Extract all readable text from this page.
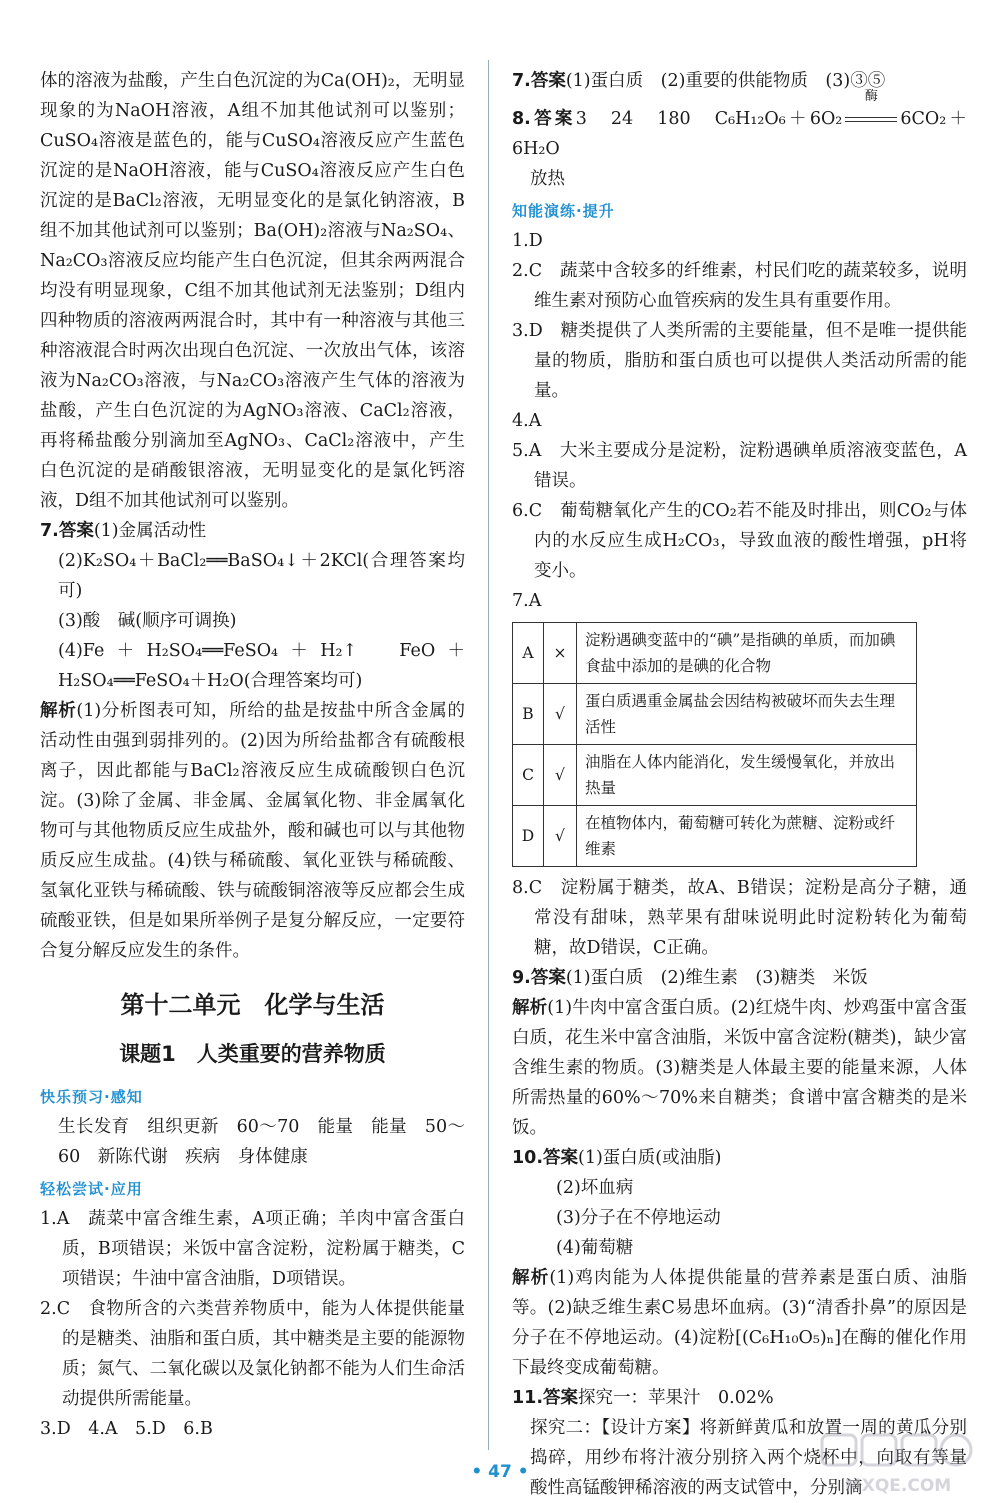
体的溶液为盐酸，产生白色沉淀的为Ca(OH)₂，无明显现象的为NaOH溶液，A组不加其他试剂可以鉴别；CuSO₄溶液是蓝色的，能与CuSO₄溶液反应产生蓝色沉淀的是NaOH溶液，能与CuSO₄溶液反应产生白色沉淀的是BaCl₂溶液，无明显变化的是氯化钠溶液，B组不加其他试剂可以鉴别；Ba(OH)₂溶液与Na₂SO₄、Na₂CO₃溶液反应均能产生白色沉淀，但其余两两混合均没有明显现象，C组不加其他试剂无法鉴别；D组内四种物质的溶液两两混合时，其中有一种溶液与其他三种溶液混合时两次出现白色沉淀、一次放出气体，该溶液为Na₂CO₃溶液，与Na₂CO₃溶液产生气体的溶液为盐酸，产生白色沉淀的为AgNO₃溶液、CaCl₂溶液，再将稀盐酸分别滴加至AgNO₃、CaCl₂溶液中，产生白色沉淀的是硝酸银溶液，无明显变化的是氯化钙溶液，D组不加其他试剂可以鉴别。

7.答案(1)金属活动性

(2)K₂SO₄＋BaCl₂══BaSO₄↓＋2KCl(合理答案均可)

(3)酸　碱(顺序可调换)

(4)Fe＋H₂SO₄══FeSO₄＋H₂↑　FeO＋H₂SO₄══FeSO₄＋H₂O(合理答案均可)

解析(1)分析图表可知，所给的盐是按盐中所含金属的活动性由强到弱排列的。(2)因为所给盐都含有硫酸根离子，因此都能与BaCl₂溶液反应生成硫酸钡白色沉淀。(3)除了金属、非金属、金属氧化物、非金属氧化物可与其他物质反应生成盐外，酸和碱也可以与其他物质反应生成盐。(4)铁与稀硫酸、氧化亚铁与稀硫酸、氢氧化亚铁与稀硫酸、铁与硫酸铜溶液等反应都会生成硫酸亚铁，但是如果所举例子是复分解反应，一定要符合复分解反应发生的条件。

第十二单元　化学与生活
课题1　人类重要的营养物质
快乐预习·感知

生长发育　组织更新　60～70　能量　能量　50～60　新陈代谢　疾病　身体健康

轻松尝试·应用

1.A　蔬菜中富含维生素，A项正确；羊肉中富含蛋白质，B项错误；米饭中富含淀粉，淀粉属于糖类，C项错误；牛油中富含油脂，D项错误。

2.C　食物所含的六类营养物质中，能为人体提供能量的是糖类、油脂和蛋白质，其中糖类是主要的能源物质；氮气、二氧化碳以及氯化钠都不能为人们生命活动提供所需能量。

3.D　4.A　5.D　6.B

7.答案(1)蛋白质　(2)重要的供能物质　(3)③⑤

8.答案3　24　180　C₆H₁₂O₆＋6O₂
酶
6CO₂＋6H₂O

放热

知能演练·提升

1.D

2.C　蔬菜中含较多的纤维素，村民们吃的蔬菜较多，说明维生素对预防心血管疾病的发生具有重要作用。

3.D　糖类提供了人类所需的主要能量，但不是唯一提供能量的物质，脂肪和蛋白质也可以提供人类活动所需的能量。

4.A

5.A　大米主要成分是淀粉，淀粉遇碘单质溶液变蓝色，A错误。

6.C　葡萄糖氧化产生的CO₂若不能及时排出，则CO₂与体内的水反应生成H₂CO₃，导致血液的酸性增强，pH将变小。

7.A

A	×	淀粉遇碘变蓝中的“碘”是指碘的单质，而加碘食盐中添加的是碘的化合物
B	√	蛋白质遇重金属盐会因结构被破坏而失去生理活性
C	√	油脂在人体内能消化，发生缓慢氧化，并放出热量
D	√	在植物体内，葡萄糖可转化为蔗糖、淀粉或纤维素

8.C　淀粉属于糖类，故A、B错误；淀粉是高分子糖，通常没有甜味，熟苹果有甜味说明此时淀粉转化为葡萄糖，故D错误，C正确。

9.答案(1)蛋白质　(2)维生素　(3)糖类　米饭

解析(1)牛肉中富含蛋白质。(2)红烧牛肉、炒鸡蛋中富含蛋白质，花生米中富含油脂，米饭中富含淀粉(糖类)，缺少富含维生素的物质。(3)糖类是人体最主要的能量来源，人体所需热量的60%～70%来自糖类；食谱中富含糖类的是米饭。

10.答案(1)蛋白质(或油脂)

(2)坏血病

(3)分子在不停地运动

(4)葡萄糖

解析(1)鸡肉能为人体提供能量的营养素是蛋白质、油脂等。(2)缺乏维生素C易患坏血病。(3)“清香扑鼻”的原因是分子在不停地运动。(4)淀粉[(C₆H₁₀O₅)ₙ]在酶的催化作用下最终变成葡萄糖。

11.答案探究一：苹果汁　0.02%

探究二：【设计方案】将新鲜黄瓜和放置一周的黄瓜分别捣碎，用纱布将汁液分别挤入两个烧杯中，向取有等量酸性高锰酸钾稀溶液的两支试管中，分别滴

• 47 •
MXQE.COM
